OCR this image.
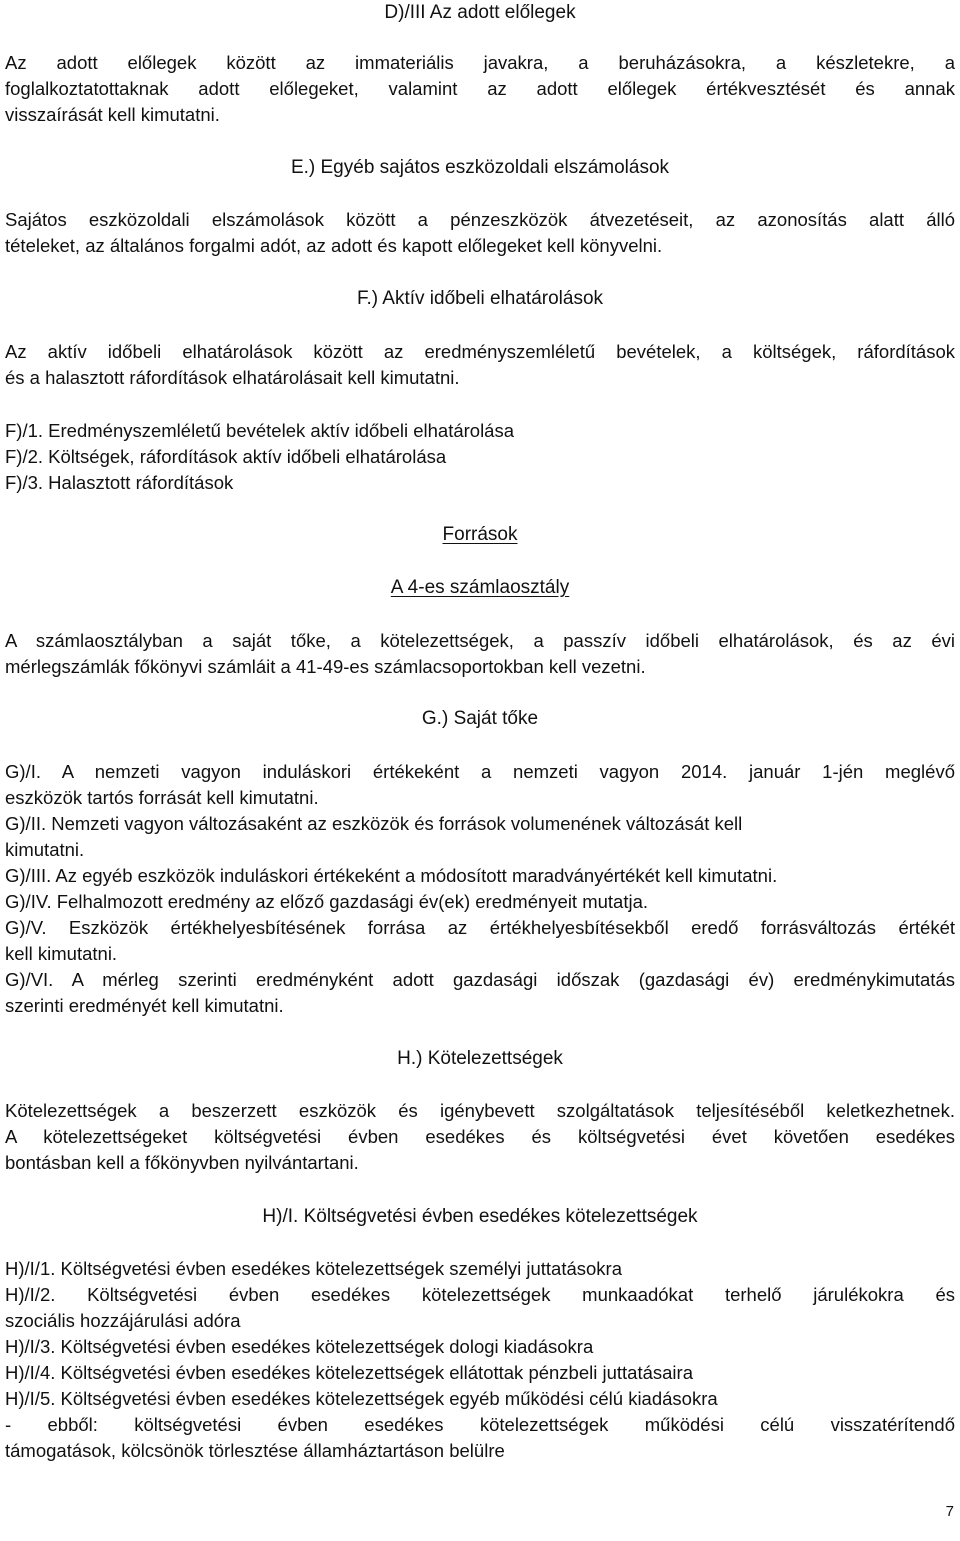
D)/III Az adott előlegek

Az adott előlegek között az immateriális javakra, a beruházásokra, a készletekre, a

foglalkoztatottaknak adott előlegeket, valamint az adott előlegek értékvesztését és annak

visszaírását kell kimutatni.

E.) Egyéb sajátos eszközoldali elszámolások

Sajátos eszközoldali elszámolások között a pénzeszközök átvezetéseit, az azonosítás alatt álló

tételeket, az általános forgalmi adót, az adott és kapott előlegeket kell könyvelni.

F.) Aktív időbeli elhatárolások

Az aktív időbeli elhatárolások között az eredményszemléletű bevételek, a költségek, ráfordítások

és a halasztott ráfordítások elhatárolásait kell kimutatni.

F)/1. Eredményszemléletű bevételek aktív időbeli elhatárolása

F)/2. Költségek, ráfordítások aktív időbeli elhatárolása

F)/3. Halasztott ráfordítások

Források

A 4-es számlaosztály

A számlaosztályban a saját tőke, a kötelezettségek, a passzív időbeli elhatárolások, és az évi

mérlegszámlák főkönyvi számláit a 41-49-es számlacsoportokban kell vezetni.

G.) Saját tőke

G)/I. A nemzeti vagyon induláskori értékeként a nemzeti vagyon 2014. január 1-jén meglévő

eszközök tartós forrását kell kimutatni.

G)/II. Nemzeti vagyon változásaként az eszközök és források volumenének változását kell

kimutatni.

G)/III. Az egyéb eszközök induláskori értékeként a módosított maradványértékét kell kimutatni.

G)/IV. Felhalmozott eredmény az előző gazdasági év(ek) eredményeit mutatja.

G)/V. Eszközök értékhelyesbítésének forrása az értékhelyesbítésekből eredő forrásváltozás értékét

kell kimutatni.

G)/VI. A mérleg szerinti eredményként adott gazdasági időszak (gazdasági év) eredménykimutatás

szerinti eredményét kell kimutatni.

H.) Kötelezettségek

Kötelezettségek a beszerzett eszközök és igénybevett szolgáltatások teljesítéséből keletkezhetnek.

A kötelezettségeket költségvetési évben esedékes és költségvetési évet követően esedékes

bontásban kell a főkönyvben nyilvántartani.

H)/I. Költségvetési évben esedékes kötelezettségek

H)/I/1. Költségvetési évben esedékes kötelezettségek személyi juttatásokra

H)/I/2. Költségvetési évben esedékes kötelezettségek munkaadókat terhelő járulékokra és

szociális hozzájárulási adóra

H)/I/3. Költségvetési évben esedékes kötelezettségek dologi kiadásokra

H)/I/4. Költségvetési évben esedékes kötelezettségek ellátottak pénzbeli juttatásaira

H)/I/5. Költségvetési évben esedékes kötelezettségek egyéb működési célú kiadásokra

- ebből: költségvetési évben esedékes kötelezettségek működési célú visszatérítendő

támogatások, kölcsönök törlesztése államháztartáson belülre

7
